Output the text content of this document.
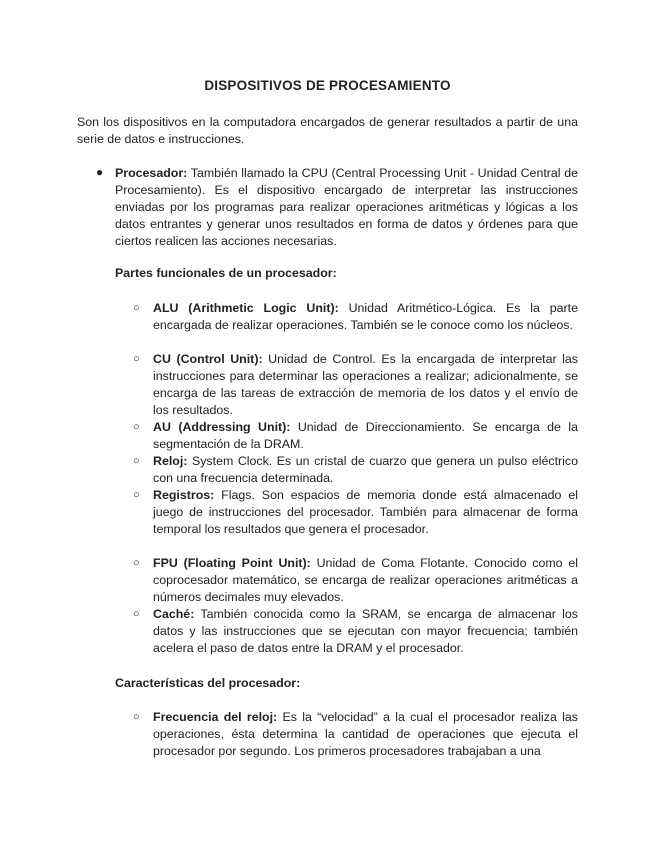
DISPOSITIVOS DE PROCESAMIENTO

Son los dispositivos en la computadora encargados de generar resultados a partir de una serie de datos e instrucciones.

● Procesador: También llamado la CPU (Central Processing Unit - Unidad Central de Procesamiento). Es el dispositivo encargado de interpretar las instrucciones enviadas por los programas para realizar operaciones aritméticas y lógicas a los datos entrantes y generar unos resultados en forma de datos y órdenes para que ciertos realicen las acciones necesarias.

Partes funcionales de un procesador:

○ ALU (Arithmetic Logic Unit): Unidad Aritmético-Lógica. Es la parte encargada de realizar operaciones. También se le conoce como los núcleos.

○ CU (Control Unit): Unidad de Control. Es la encargada de interpretar las instrucciones para determinar las operaciones a realizar; adicionalmente, se encarga de las tareas de extracción de memoria de los datos y el envío de los resultados.

○ AU (Addressing Unit): Unidad de Direccionamiento. Se encarga de la segmentación de la DRAM.

○ Reloj: System Clock. Es un cristal de cuarzo que genera un pulso eléctrico con una frecuencia determinada.

○ Registros: Flags. Son espacios de memoria donde está almacenado el juego de instrucciones del procesador. También para almacenar de forma temporal los resultados que genera el procesador.

○ FPU (Floating Point Unit): Unidad de Coma Flotante. Conocido como el coprocesador matemático, se encarga de realizar operaciones aritméticas a números decimales muy elevados.

○ Caché: También conocida como la SRAM, se encarga de almacenar los datos y las instrucciones que se ejecutan con mayor frecuencia; también acelera el paso de datos entre la DRAM y el procesador.

Características del procesador:

○ Frecuencia del reloj: Es la “velocidad” a la cual el procesador realiza las operaciones, ésta determina la cantidad de operaciones que ejecuta el procesador por segundo. Los primeros procesadores trabajaban a una
